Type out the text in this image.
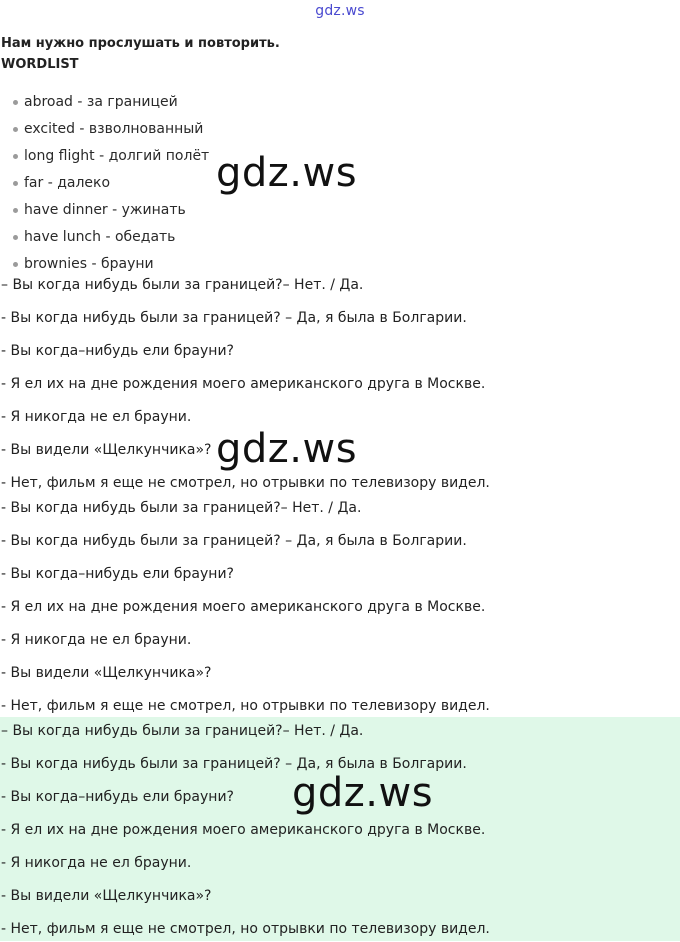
gdz.ws
Нам нужно прослушать и повторить.
WORDLIST
abroad - за границей
excited - взволнованный
long flight - долгий полёт
far - далеко
have dinner - ужинать
have lunch - обедать
brownies - брауни
– Вы когда нибудь были за границей?– Нет. / Да.
- Вы когда нибудь были за границей? – Да, я была в Болгарии.
- Вы когда–нибудь ели брауни?
- Я ел их на дне рождения моего американского друга в Москве.
- Я никогда не ел брауни.
- Вы видели «Щелкунчика»?
- Нет, фильм я еще не смотрел, но отрывки по телевизору видел.
- Вы когда нибудь были за границей?– Нет. / Да.
- Вы когда нибудь были за границей? – Да, я была в Болгарии.
- Вы когда–нибудь ели брауни?
- Я ел их на дне рождения моего американского друга в Москве.
- Я никогда не ел брауни.
- Вы видели «Щелкунчика»?
- Нет, фильм я еще не смотрел, но отрывки по телевизору видел.
– Вы когда нибудь были за границей?– Нет. / Да.
- Вы когда нибудь были за границей? – Да, я была в Болгарии.
- Вы когда–нибудь ели брауни?
- Я ел их на дне рождения моего американского друга в Москве.
- Я никогда не ел брауни.
- Вы видели «Щелкунчика»?
- Нет, фильм я еще не смотрел, но отрывки по телевизору видел.
gdz.ws
gdz.ws
gdz.ws
